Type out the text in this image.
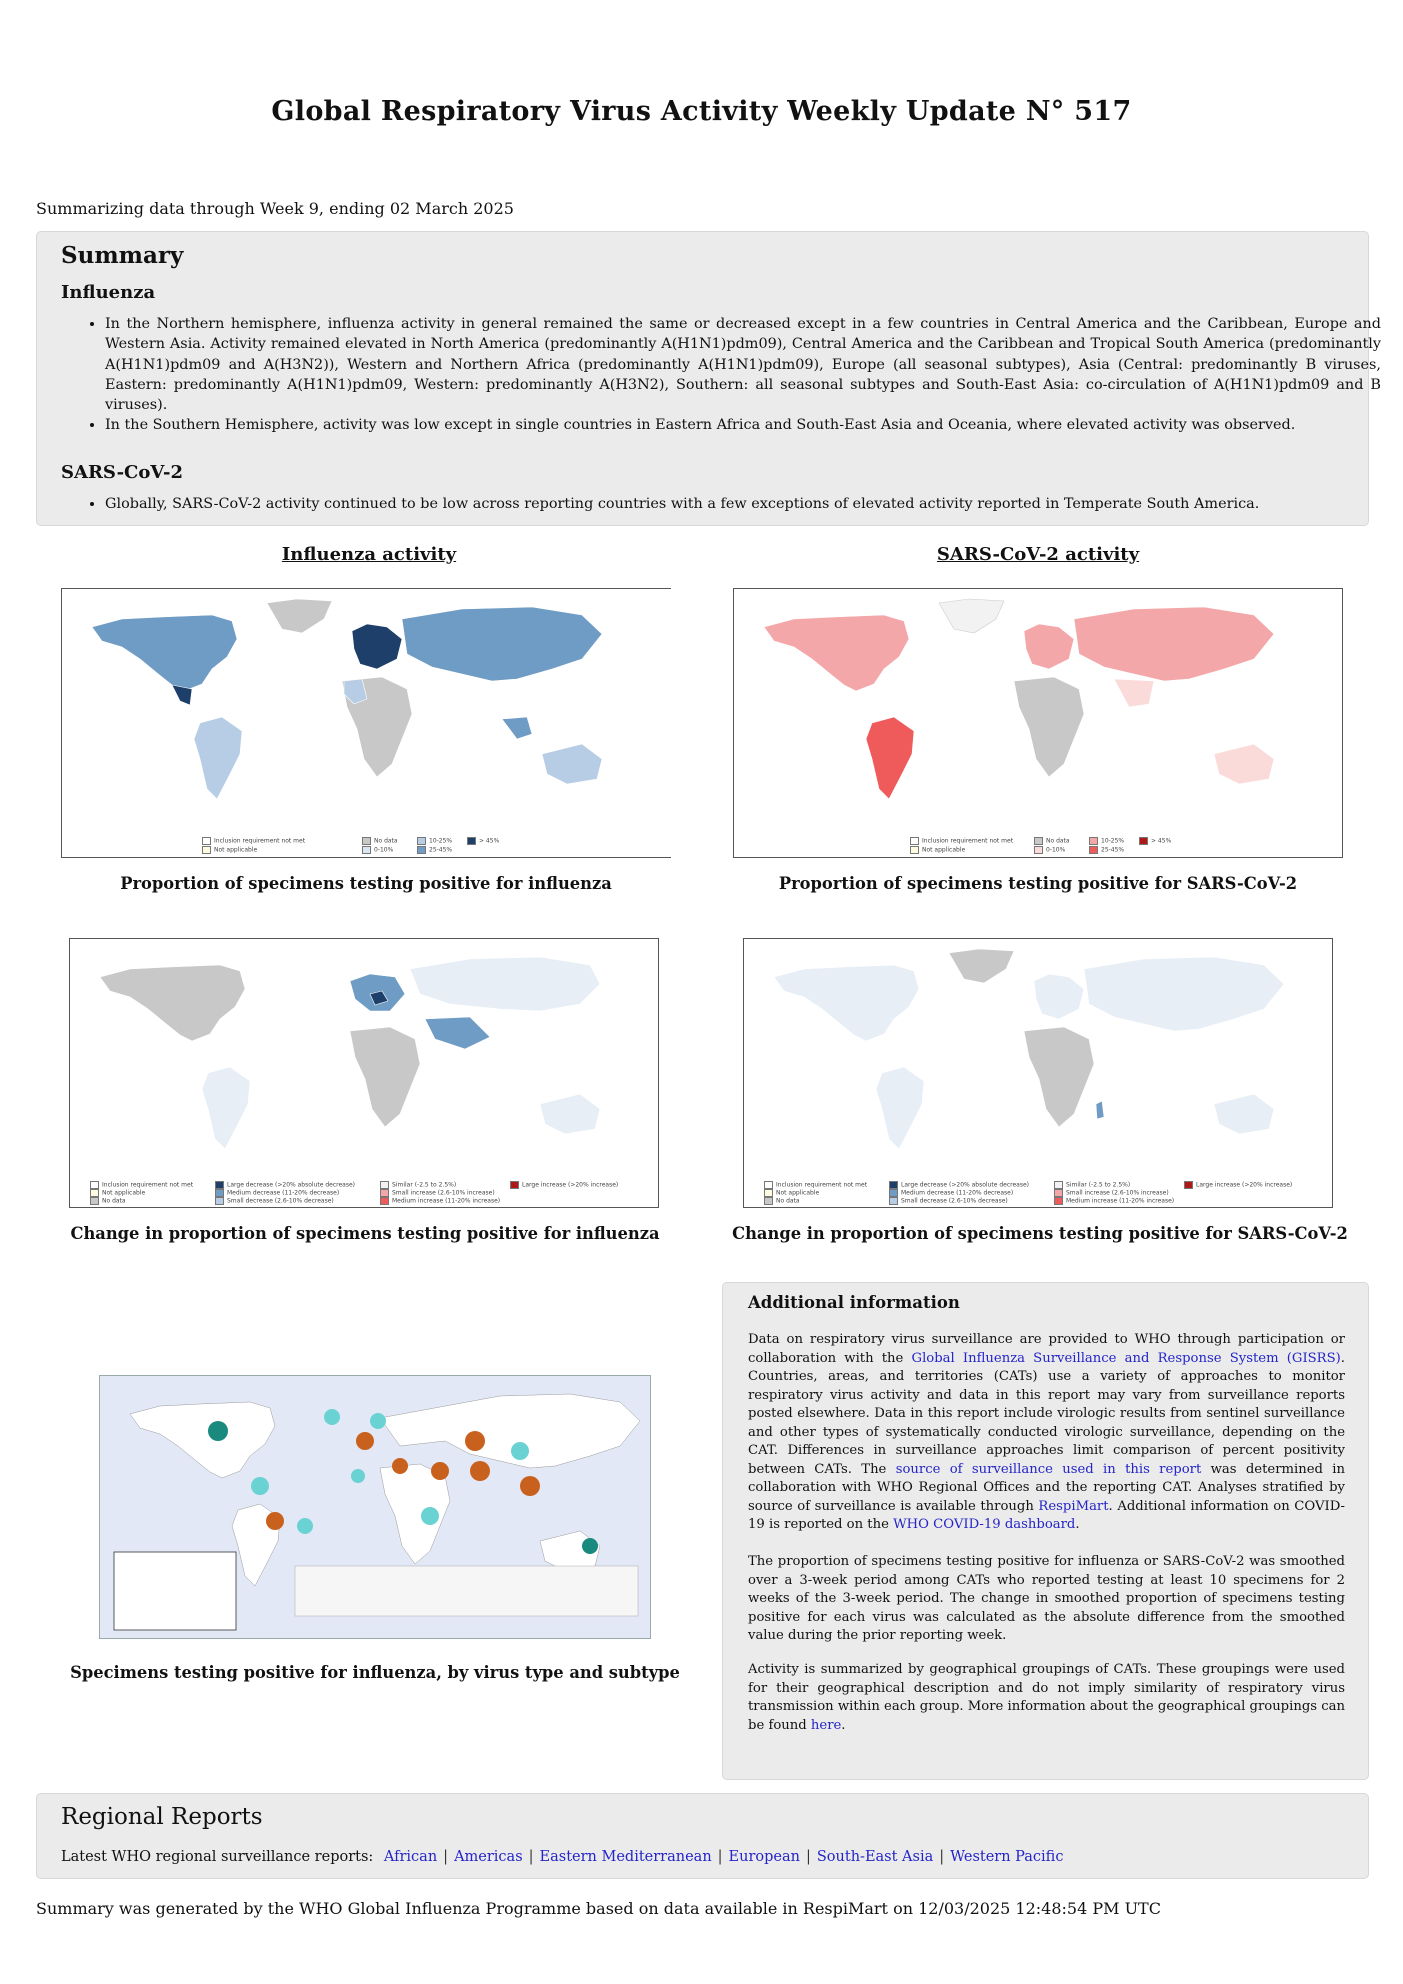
Global Respiratory Virus Activity Weekly Update N° 517
Summarizing data through Week 9, ending 02 March 2025
Summary
Influenza
• In the Northern hemisphere, influenza activity in general remained the same or decreased except in a few countries in Central America and the Caribbean, Europe and Western Asia. Activity remained elevated in North America (predominantly A(H1N1)pdm09), Central America and the Caribbean and Tropical South America (predominantly A(H1N1)pdm09 and A(H3N2)), Western and Northern Africa (predominantly A(H1N1)pdm09), Europe (all seasonal subtypes), Asia (Central: predominantly B viruses, Eastern: predominantly A(H1N1)pdm09, Western: predominantly A(H3N2), Southern: all seasonal subtypes and South-East Asia: co-circulation of A(H1N1)pdm09 and B viruses).
• In the Southern Hemisphere, activity was low except in single countries in Eastern Africa and South-East Asia and Oceania, where elevated activity was observed.
SARS-CoV-2
• Globally, SARS-CoV-2 activity continued to be low across reporting countries with a few exceptions of elevated activity reported in Temperate South America.
Influenza activity	SARS-CoV-2 activity
Inclusion requirement not met
Not applicable
No data
0-10%
10-25%
25-45%
> 45%	Inclusion requirement not met
Not applicable
No data
0-10%
10-25%
25-45%
> 45%
Proportion of specimens testing positive for influenza	Proportion of specimens testing positive for SARS-CoV-2
Inclusion requirement not met
Not applicable
No data
Large decrease (>20% absolute decrease)
Medium decrease (11-20% decrease)
Small decrease (2.6-10% decrease)
Similar (-2.5 to 2.5%)
Small increase (2.6-10% increase)
Medium increase (11-20% increase)
Large increase (>20% increase)	Inclusion requirement not met
Not applicable
No data
Large decrease (>20% absolute decrease)
Medium decrease (11-20% decrease)
Small decrease (2.6-10% decrease)
Similar (-2.5 to 2.5%)
Small increase (2.6-10% increase)
Medium increase (11-20% increase)
Large increase (>20% increase)
Change in proportion of specimens testing positive for influenza	Change in proportion of specimens testing positive for SARS-CoV-2
Specimens testing positive for influenza, by virus type and subtype
Additional information

Data on respiratory virus surveillance are provided to WHO through participation or collaboration with the Global Influenza Surveillance and Response System (GISRS). Countries, areas, and territories (CATs) use a variety of approaches to monitor respiratory virus activity and data in this report may vary from surveillance reports posted elsewhere. Data in this report include virologic results from sentinel surveillance and other types of systematically conducted virologic surveillance, depending on the CAT. Differences in surveillance approaches limit comparison of percent positivity between CATs. The source of surveillance used in this report was determined in collaboration with WHO Regional Offices and the reporting CAT. Analyses stratified by source of surveillance is available through RespiMart. Additional information on COVID-19 is reported on the WHO COVID-19 dashboard.

The proportion of specimens testing positive for influenza or SARS-CoV-2 was smoothed over a 3-week period among CATs who reported testing at least 10 specimens for 2 weeks of the 3-week period. The change in smoothed proportion of specimens testing positive for each virus was calculated as the absolute difference from the smoothed value during the prior reporting week.

Activity is summarized by geographical groupings of CATs. These groupings were used for their geographical description and do not imply similarity of respiratory virus transmission within each group. More information about the geographical groupings can be found here.

Regional Reports
Latest WHO regional surveillance reports: African | Americas | Eastern Mediterranean | European | South-East Asia | Western Pacific
Summary was generated by the WHO Global Influenza Programme based on data available in RespiMart on 12/03/2025 12:48:54 PM UTC
